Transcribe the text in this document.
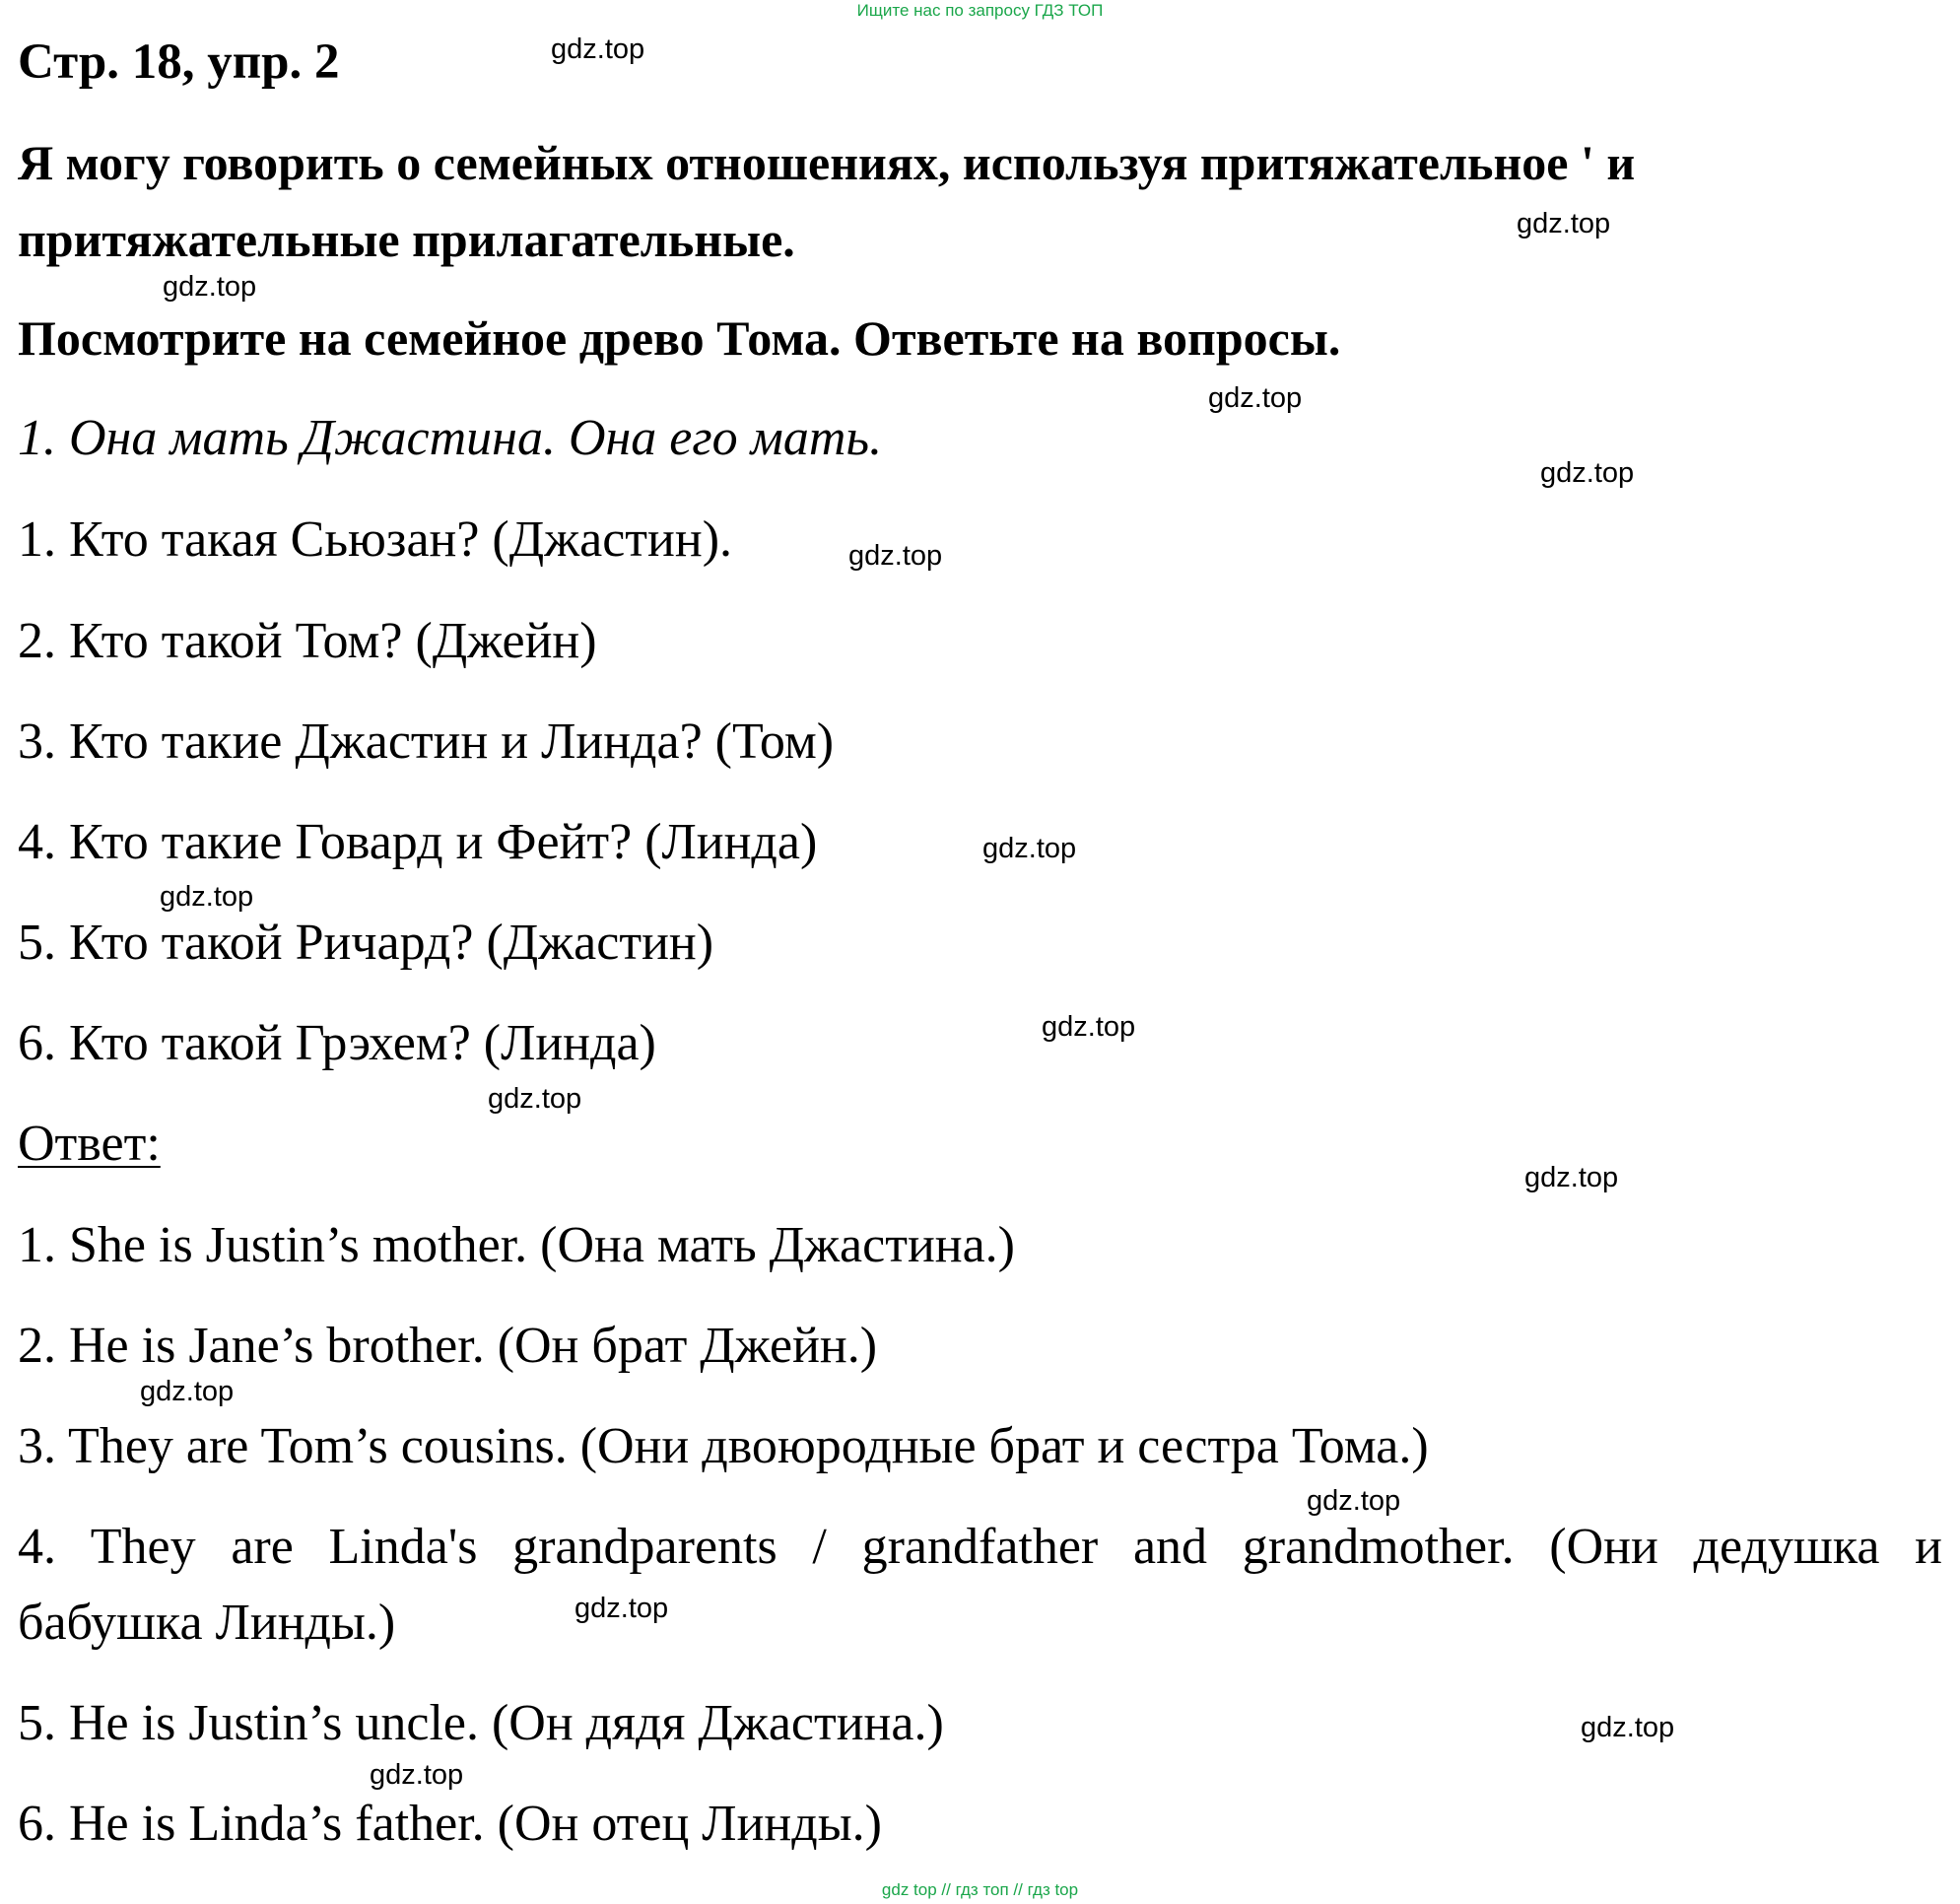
Ищите нас по запросу ГДЗ ТОП
Стр. 18, упр. 2
Я могу говорить о семейных отношениях, используя притяжательное ' и
притяжательные прилагательные.
Посмотрите на семейное древо Тома. Ответьте на вопросы.
1. Она мать Джастина. Она его мать.
1. Кто такая Сьюзан? (Джастин).
2. Кто такой Том? (Джейн)
3. Кто такие Джастин и Линда? (Том)
4. Кто такие Говард и Фейт? (Линда)
5. Кто такой Ричард? (Джастин)
6. Кто такой Грэхем? (Линда)
Ответ:
1. She is Justin’s mother. (Она мать Джастина.)
2. He is Jane’s brother. (Он брат Джейн.)
3. They are Tom’s cousins. (Они двоюродные брат и сестра Тома.)
4. They are Linda's grandparents / grandfather and grandmother. (Они дедушка и
бабушка Линды.)
5. He is Justin’s uncle. (Он дядя Джастина.)
6. He is Linda’s father. (Он отец Линды.)
gdz.top
gdz.top
gdz.top
gdz.top
gdz.top
gdz.top
gdz.top
gdz.top
gdz.top
gdz.top
gdz.top
gdz.top
gdz.top
gdz.top
gdz.top
gdz.top
gdz top // гдз топ // гдз top
